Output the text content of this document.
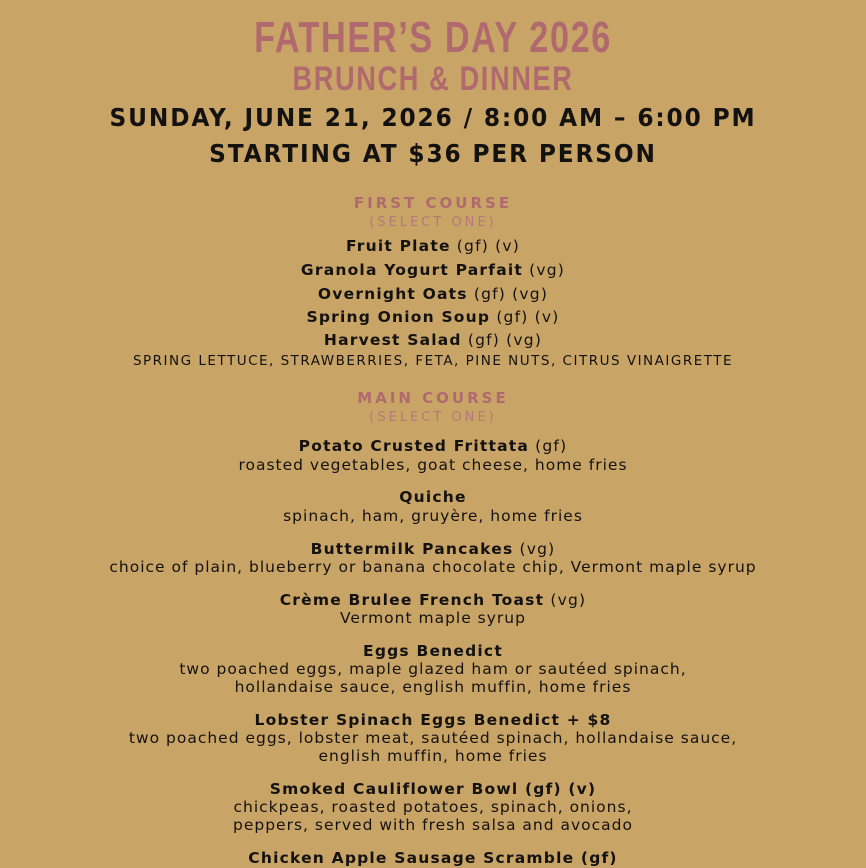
FATHER’S DAY 2026
BRUNCH & DINNER
SUNDAY, JUNE 21, 2026 / 8:00 AM – 6:00 PM
STARTING AT $36 PER PERSON
FIRST COURSE
(SELECT ONE)
Fruit Plate (gf) (v)
Granola Yogurt Parfait (vg)
Overnight Oats (gf) (vg)
Spring Onion Soup (gf) (v)
Harvest Salad (gf) (vg)
SPRING LETTUCE, STRAWBERRIES, FETA, PINE NUTS, CITRUS VINAIGRETTE
MAIN COURSE
(SELECT ONE)
Potato Crusted Frittata (gf)
roasted vegetables, goat cheese, home fries
Quiche
spinach, ham, gruyère, home fries
Buttermilk Pancakes (vg)
choice of plain, blueberry or banana chocolate chip, Vermont maple syrup
Crème Brulee French Toast (vg)
Vermont maple syrup
Eggs Benedict
two poached eggs, maple glazed ham or sautéed spinach,
hollandaise sauce, english muffin, home fries
Lobster Spinach Eggs Benedict + $8
two poached eggs, lobster meat, sautéed spinach, hollandaise sauce,
english muffin, home fries
Smoked Cauliflower Bowl (gf) (v)
chickpeas, roasted potatoes, spinach, onions,
peppers, served with fresh salsa and avocado
Chicken Apple Sausage Scramble (gf)
